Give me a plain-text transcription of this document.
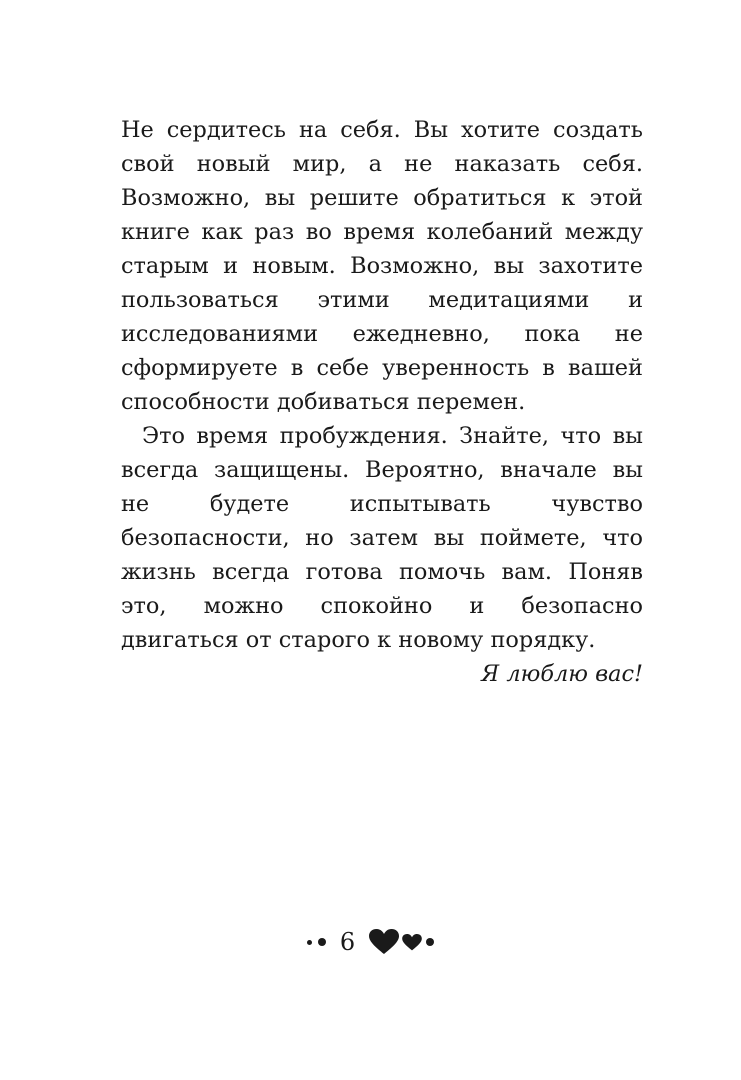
Не сердитесь на себя. Вы хотите создать свой новый мир, а не наказать себя. Возможно, вы решите обратиться к этой книге как раз во время колебаний между старым и новым. Возможно, вы захотите пользоваться этими медитациями и исследованиями ежедневно, пока не сформируете в себе уверенность в вашей способности добиваться перемен.

Это время пробуждения. Знайте, что вы всегда защищены. Вероятно, вначале вы не будете испытывать чувство безопасности, но затем вы поймете, что жизнь всегда готова помочь вам. Поняв это, можно спокойно и безопасно двигаться от старого к новому порядку.

Я люблю вас!

6
